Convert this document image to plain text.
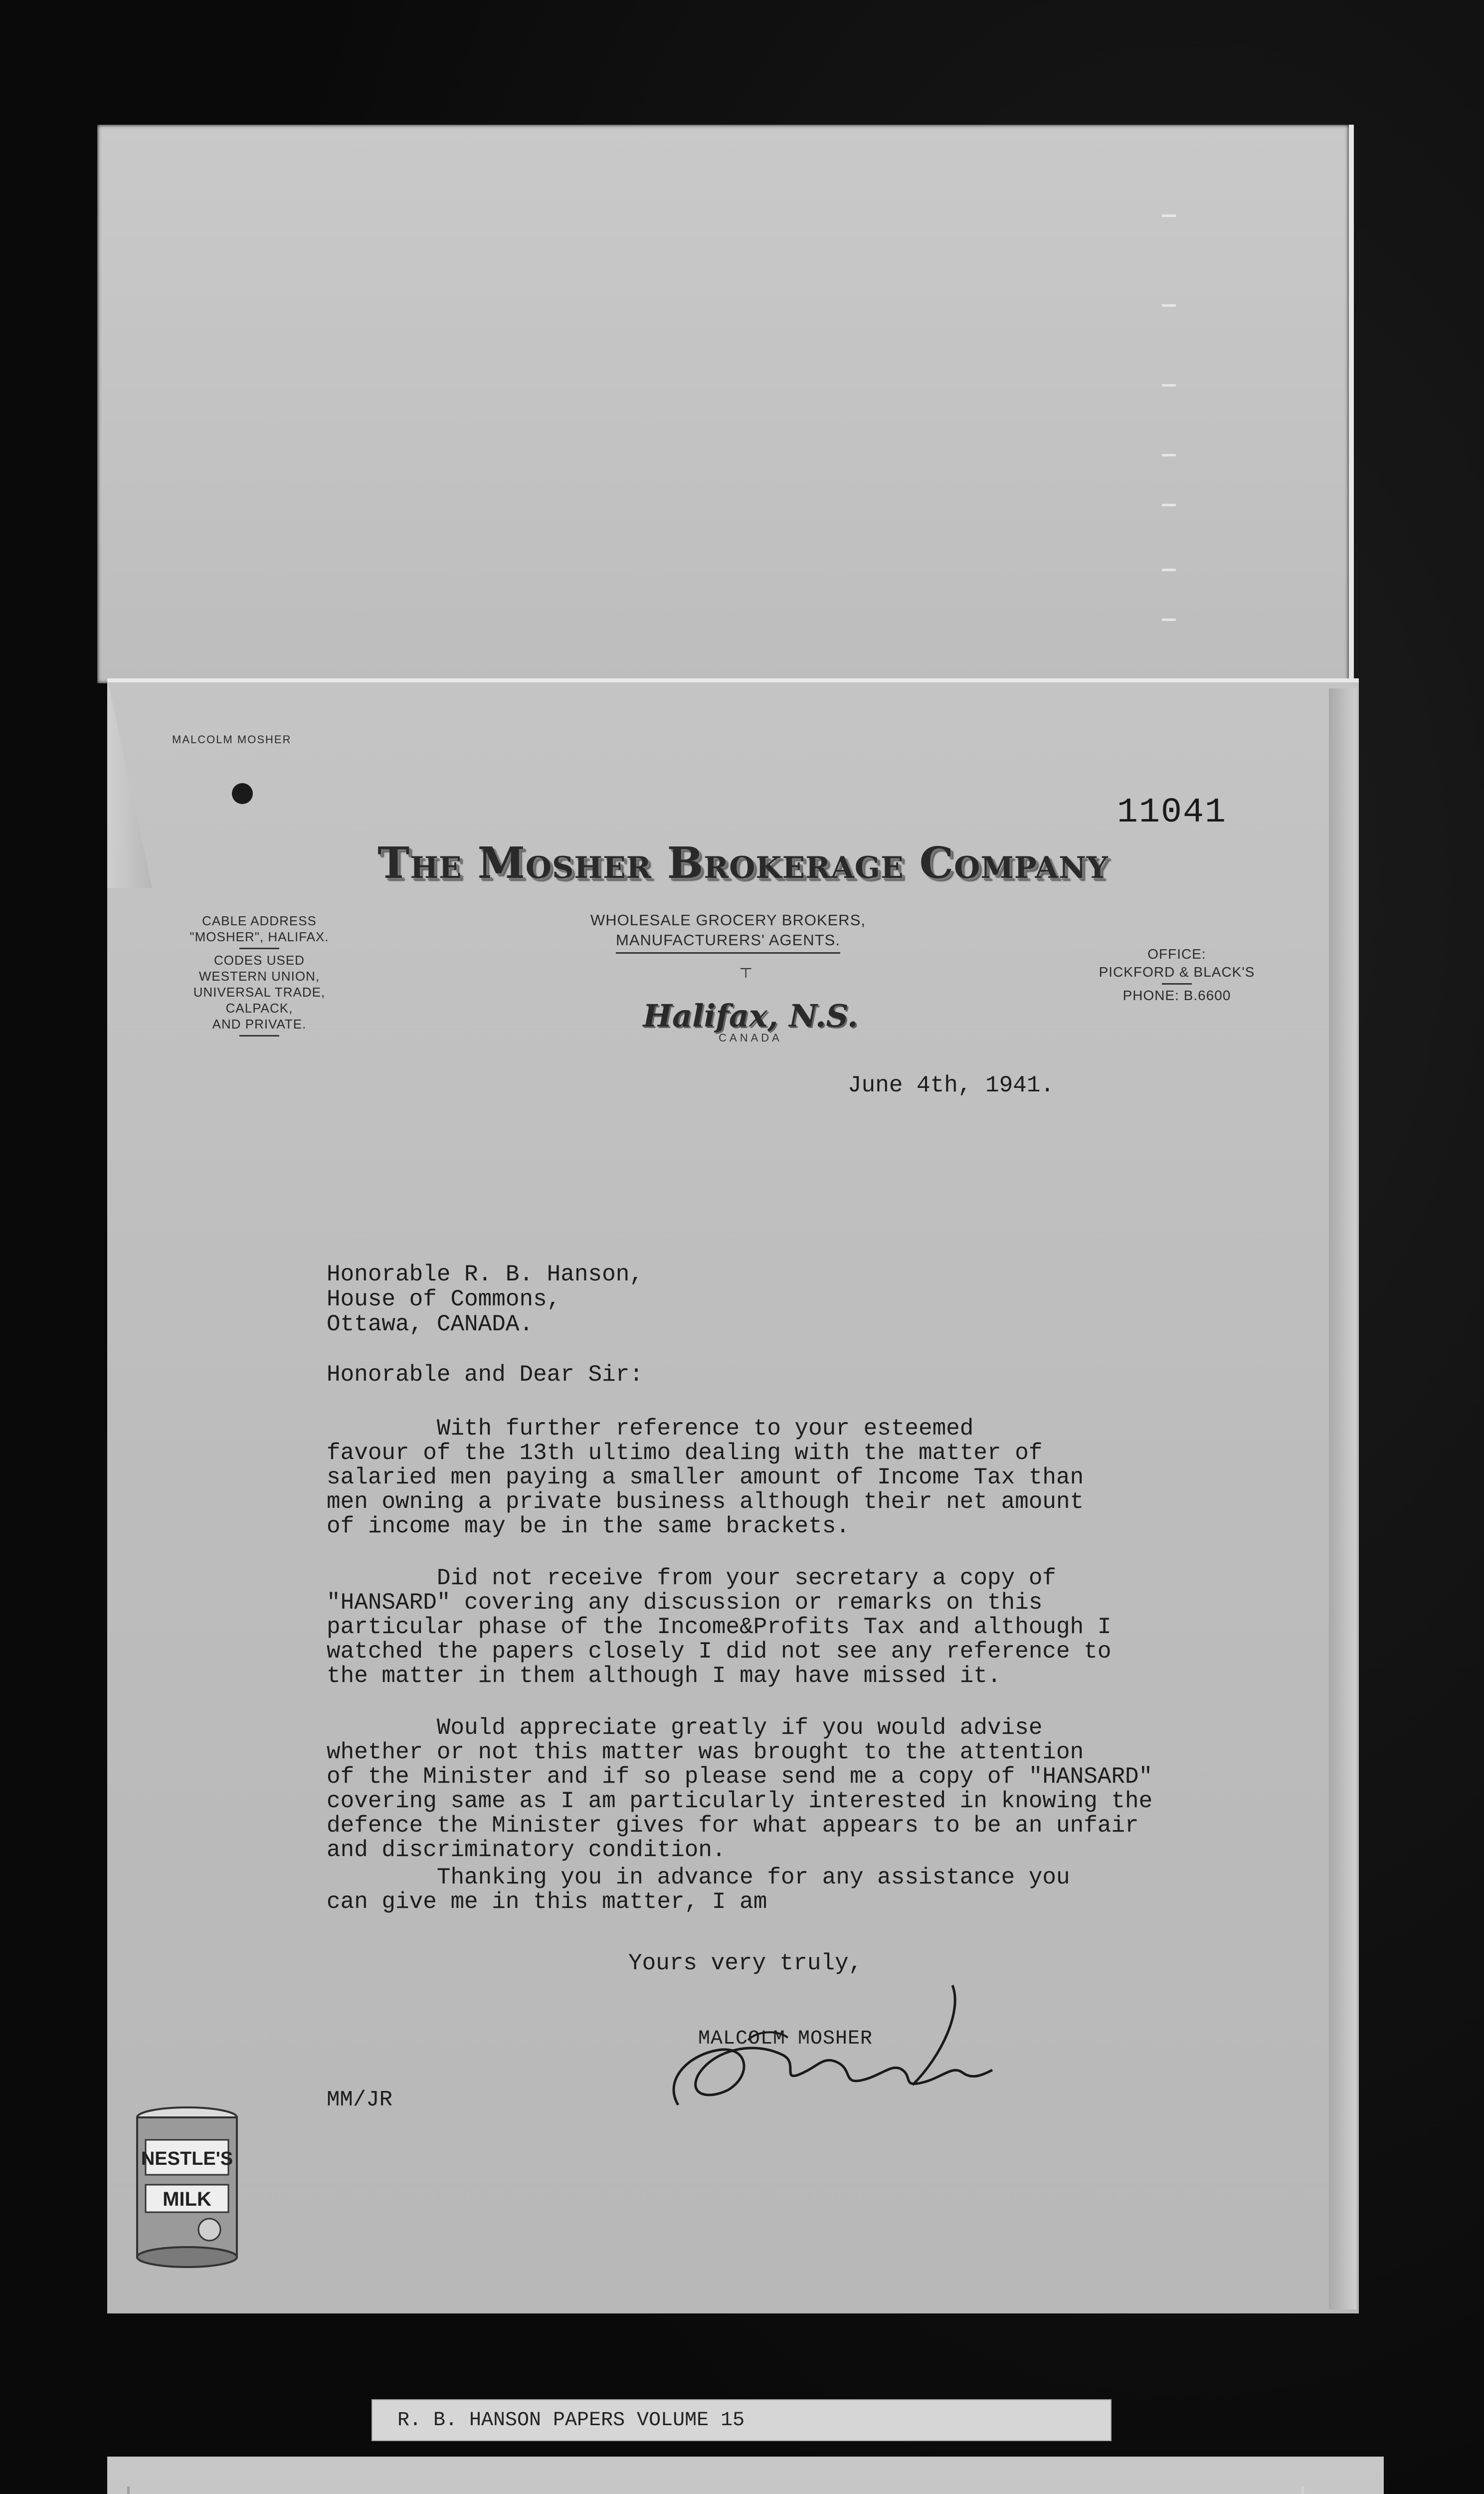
MALCOLM MOSHER
11041
The Mosher Brokerage Company
CABLE ADDRESS
"MOSHER", HALIFAX.
CODES USED
WESTERN UNION,
UNIVERSAL TRADE,
CALPACK,
AND PRIVATE.
WHOLESALE GROCERY BROKERS,
MANUFACTURERS' AGENTS.
┬
OFFICE:
PICKFORD & BLACK'S
PHONE: B.6600
Halifax, N.S.
CANADA
June 4th, 1941.
Honorable R. B. Hanson,
House of Commons,
Ottawa, CANADA.
Honorable and Dear Sir:
With further reference to your esteemed
favour of the 13th ultimo dealing with the matter of
salaried men paying a smaller amount of Income Tax than
men owning a private business although their net amount
of income may be in the same brackets.
Did not receive from your secretary a copy of
"HANSARD" covering any discussion or remarks on this
particular phase of the Income&Profits Tax and although I
watched the papers closely I did not see any reference to
the matter in them although I may have missed it.
Would appreciate greatly if you would advise
whether or not this matter was brought to the attention
of the Minister and if so please send me a copy of "HANSARD"
covering same as I am particularly interested in knowing the
defence the Minister gives for what appears to be an unfair
and discriminatory condition.
Thanking you in advance for any assistance you
can give me in this matter, I am
Yours very truly,
MALCOLM MOSHER
MM/JR
NESTLE'S
MILK
R. B. HANSON PAPERS VOLUME 15
